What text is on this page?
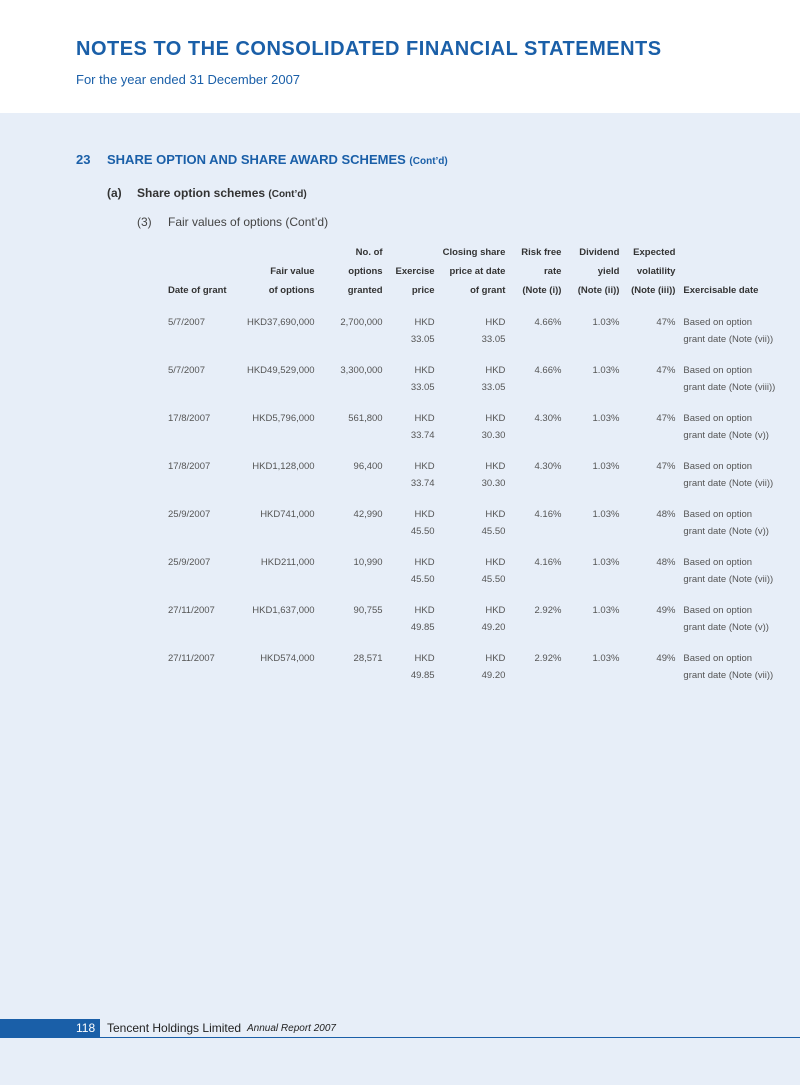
NOTES TO THE CONSOLIDATED FINANCIAL STATEMENTS
For the year ended 31 December 2007
23 SHARE OPTION AND SHARE AWARD SCHEMES (Cont’d)
(a) Share option schemes (Cont’d)
(3) Fair values of options (Cont’d)
		No. of		Closing share	Risk free	Dividend	Expected	
	Fair value	options	Exercise	price at date	rate	yield	volatility	
Date of grant	of options	granted	price	of grant	(Note (i))	(Note (ii))	(Note (iii))	Exercisable date
5/7/2007	HKD37,690,000	2,700,000	HKD	HKD	4.66%	1.03%	47%	Based on option
			33.05	33.05				grant date (Note (vii))
5/7/2007	HKD49,529,000	3,300,000	HKD	HKD	4.66%	1.03%	47%	Based on option
			33.05	33.05				grant date (Note (viii))
17/8/2007	HKD5,796,000	561,800	HKD	HKD	4.30%	1.03%	47%	Based on option
			33.74	30.30				grant date (Note (v))
17/8/2007	HKD1,128,000	96,400	HKD	HKD	4.30%	1.03%	47%	Based on option
			33.74	30.30				grant date (Note (vii))
25/9/2007	HKD741,000	42,990	HKD	HKD	4.16%	1.03%	48%	Based on option
			45.50	45.50				grant date (Note (v))
25/9/2007	HKD211,000	10,990	HKD	HKD	4.16%	1.03%	48%	Based on option
			45.50	45.50				grant date (Note (vii))
27/11/2007	HKD1,637,000	90,755	HKD	HKD	2.92%	1.03%	49%	Based on option
			49.85	49.20				grant date (Note (v))
27/11/2007	HKD574,000	28,571	HKD	HKD	2.92%	1.03%	49%	Based on option
			49.85	49.20				grant date (Note (vii))
118 Tencent Holdings Limited Annual Report 2007
